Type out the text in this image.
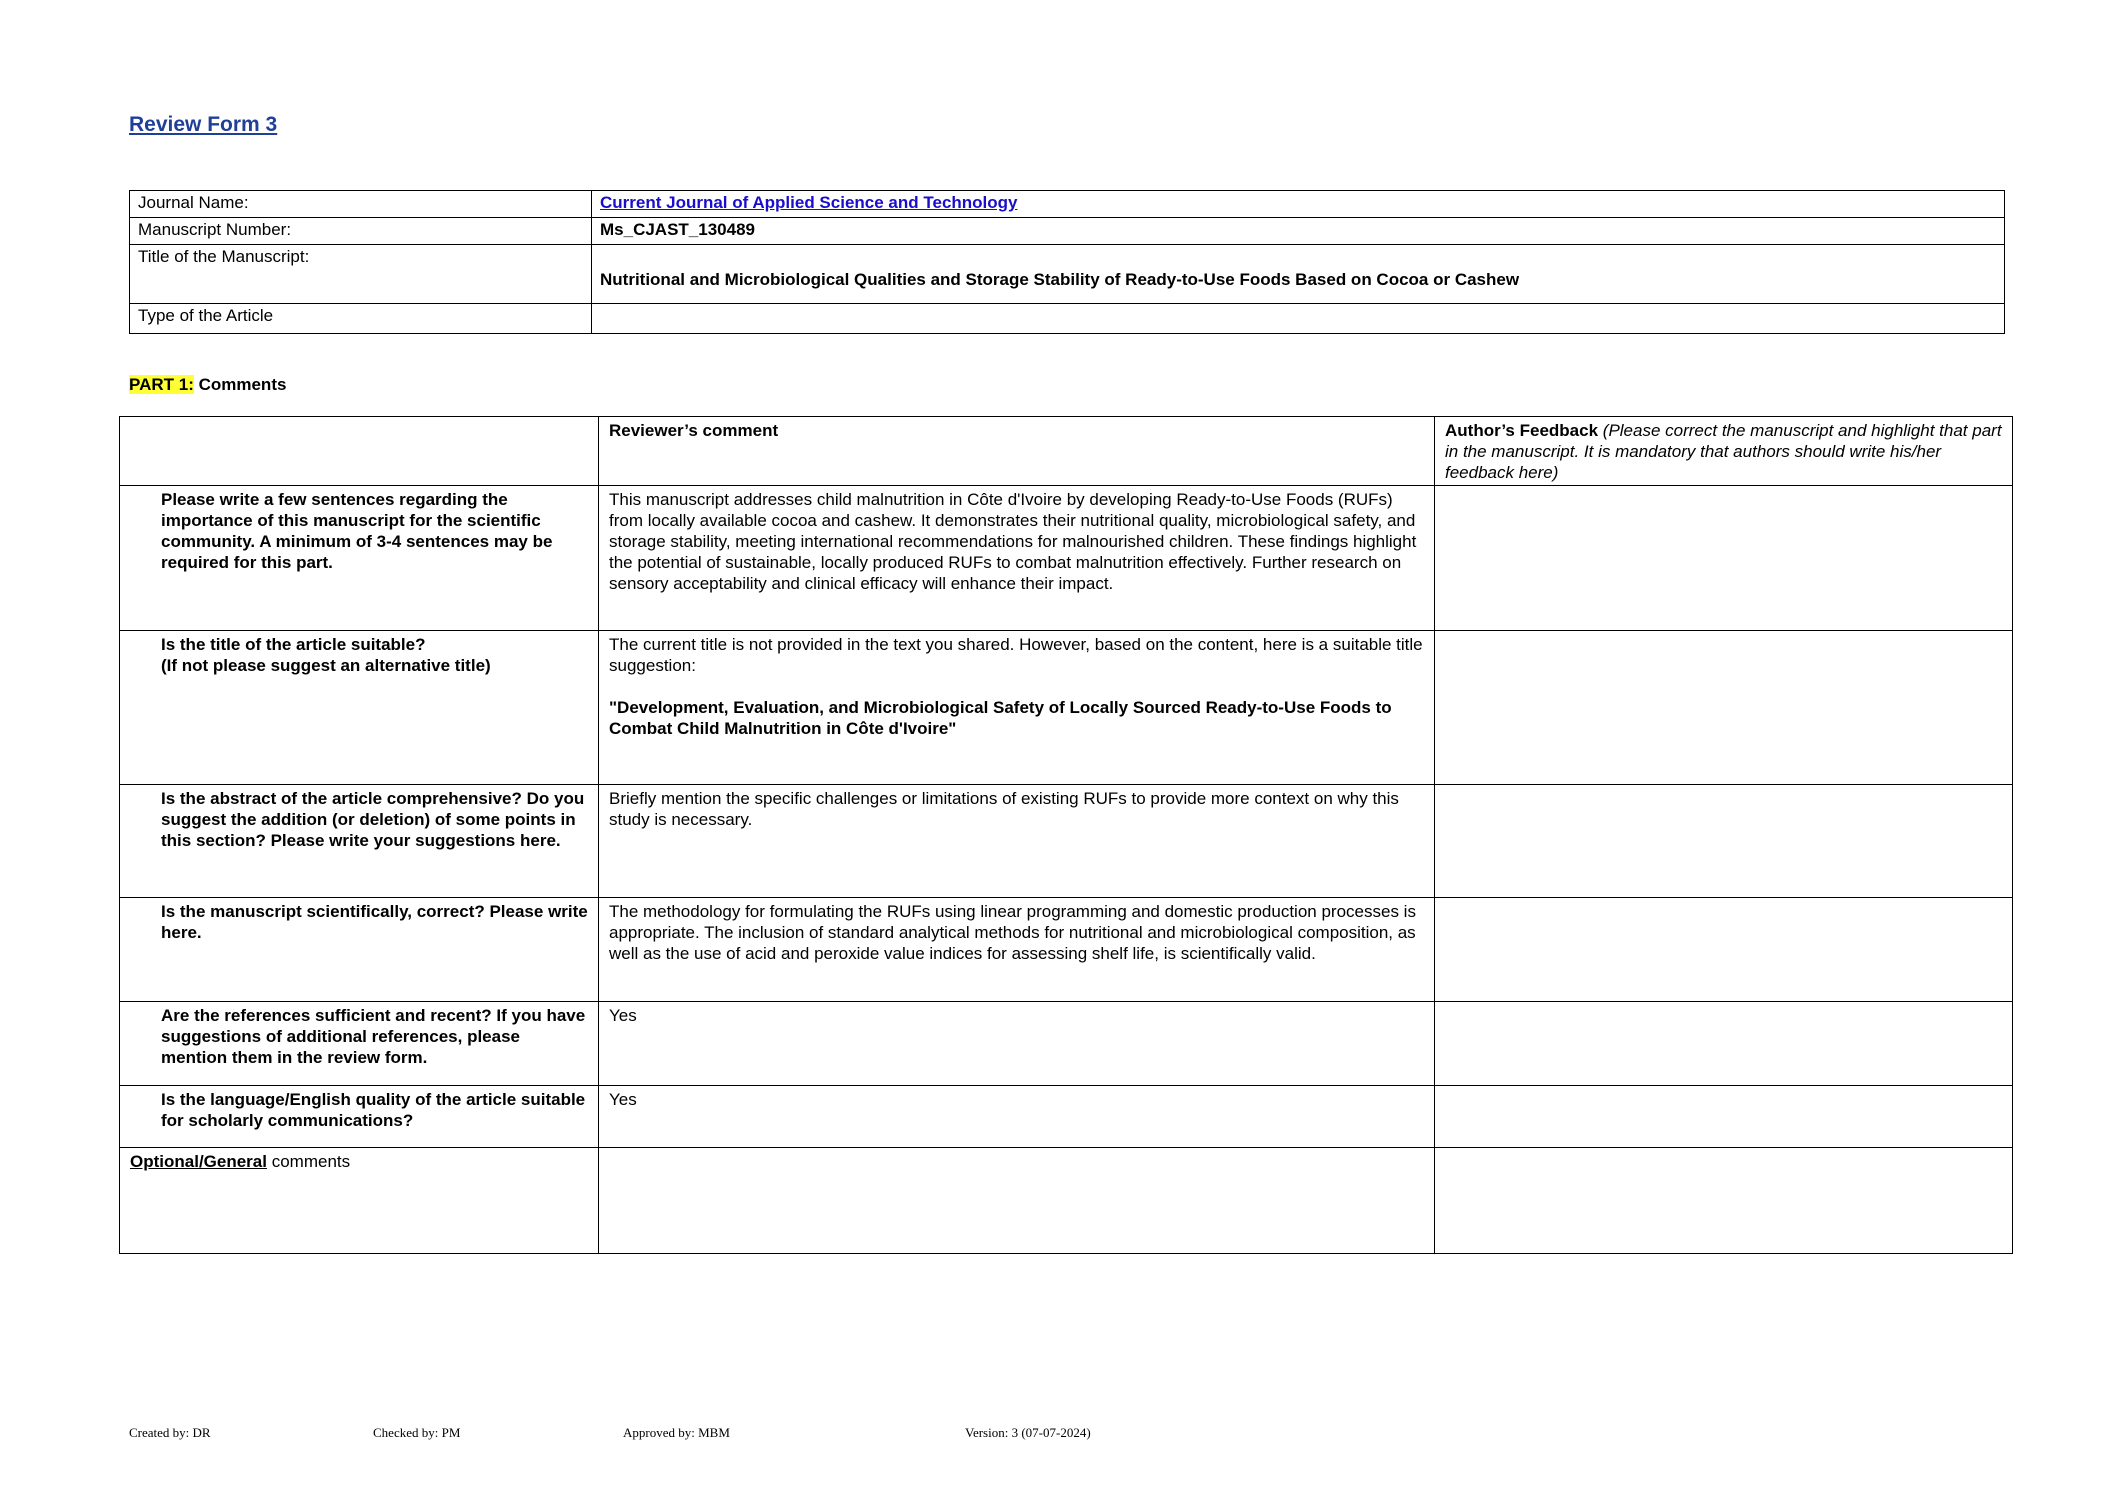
Review Form 3
Journal Name:	Current Journal of Applied Science and Technology
Manuscript Number:	Ms_CJAST_130489
Title of the Manuscript:	Nutritional and Microbiological Qualities and Storage Stability of Ready-to-Use Foods Based on Cocoa or Cashew
Type of the Article	
PART 1: Comments
	Reviewer’s comment	Author’s Feedback (Please correct the manuscript and highlight that part in the manuscript. It is mandatory that authors should write his/her feedback here)
Please write a few sentences regarding the importance of this manuscript for the scientific community. A minimum of 3-4 sentences may be required for this part.	This manuscript addresses child malnutrition in Côte d'Ivoire by developing Ready-to-Use Foods (RUFs) from locally available cocoa and cashew. It demonstrates their nutritional quality, microbiological safety, and storage stability, meeting international recommendations for malnourished children. These findings highlight the potential of sustainable, locally produced RUFs to combat malnutrition effectively. Further research on sensory acceptability and clinical efficacy will enhance their impact.	
Is the title of the article suitable?
(If not please suggest an alternative title)	The current title is not provided in the text you shared. However, based on the content, here is a suitable title suggestion:
"Development, Evaluation, and Microbiological Safety of Locally Sourced Ready-to-Use Foods to Combat Child Malnutrition in Côte d'Ivoire"	

Is the abstract of the article comprehensive? Do you suggest the addition (or deletion) of some points in this section? Please write your suggestions here.	Briefly mention the specific challenges or limitations of existing RUFs to provide more context on why this study is necessary.	
Is the manuscript scientifically, correct? Please write here.	The methodology for formulating the RUFs using linear programming and domestic production processes is appropriate. The inclusion of standard analytical methods for nutritional and microbiological composition, as well as the use of acid and peroxide value indices for assessing shelf life, is scientifically valid.	
Are the references sufficient and recent? If you have suggestions of additional references, please mention them in the review form.	Yes	
Is the language/English quality of the article suitable for scholarly communications?	Yes	
Optional/General comments		
Created by: DR	Checked by: PM	Approved by: MBM	Version: 3 (07-07-2024)
